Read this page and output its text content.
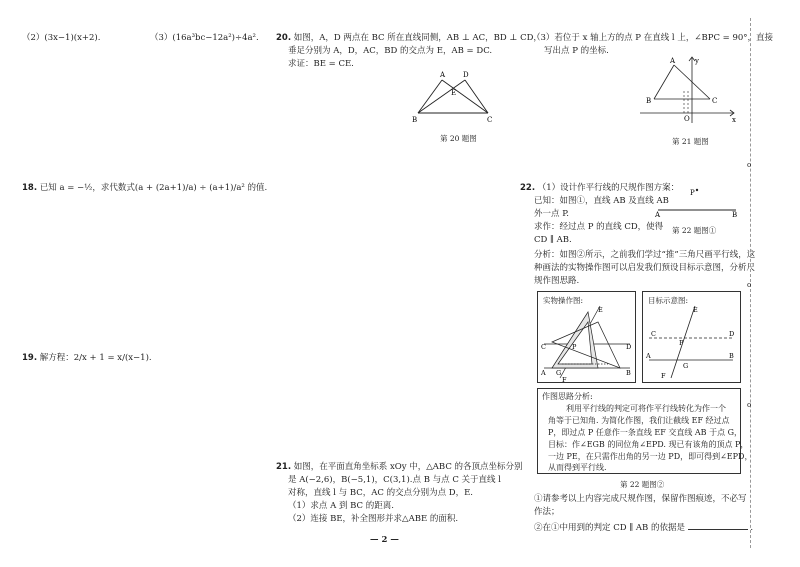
（2）(3x−1)(x+2).	（3）(16a³bc−12a²)÷4a².
18. 已知 a = −½，求代数式(a + (2a+1)/a) ÷ (a+1)/a² 的值.
19. 解方程：2/x + 1 = x/(x−1).
20. 如图，A，D 两点在 BC 所在直线同侧，AB ⊥ AC，BD ⊥ CD，
垂足分别为 A，D，AC，BD 的交点为 E，AB = DC.
求证：BE = CE.
A	D
E
B	C
第 20 题图
21. 如图，在平面直角坐标系 xOy 中，△ABC 的各顶点坐标分别
是 A(−2,6)，B(−5,1)，C(3,1).点 B 与点 C 关于直线 l
对称，直线 l 与 BC，AC 的交点分别为点 D，E.
（1）求点 A 到 BC 的距离.
（2）连接 BE，补全图形并求△ABE 的面积.
— 2 —
（3）若位于 x 轴上方的点 P 在直线 l 上，∠BPC = 90°，直接
写出点 P 的坐标.
y
x
A
B	C
O
第 21 题图
22. （1）设计作平行线的尺规作图方案：
已知：如图①，直线 AB 及直线 AB
外一点 P.
求作：经过点 P 的直线 CD，使得
CD ∥ AB.
P
A	B
第 22 题图①
分析：如图②所示，之前我们学过“推”三角尺画平行线，这
种画法的实物操作图可以启发我们预设目标示意图，分析尺
规作图思路.
实物操作图:
E
C	D
P
A G	B
F
目标示意图:
E
C	D
P
A
G
B
F
作图思路分析:
利用平行线的判定可将作平行线转化为作一个
角等于已知角. 为简化作图，我们让截线 EF 经过点
P，即过点 P 任意作一条直线 EF 交直线 AB 于点 G，
目标：作∠EGB 的同位角∠EPD. 现已有该角的顶点 P，
一边 PE，在只需作出角的另一边 PD，即可得到∠EPD，
从而得到平行线.
第 22 题图②
①请参考以上内容完成尺规作图，保留作图痕迹，不必写
作法；
②在①中用到的判定 CD ∥ AB 的依据是	.
o
o
o
